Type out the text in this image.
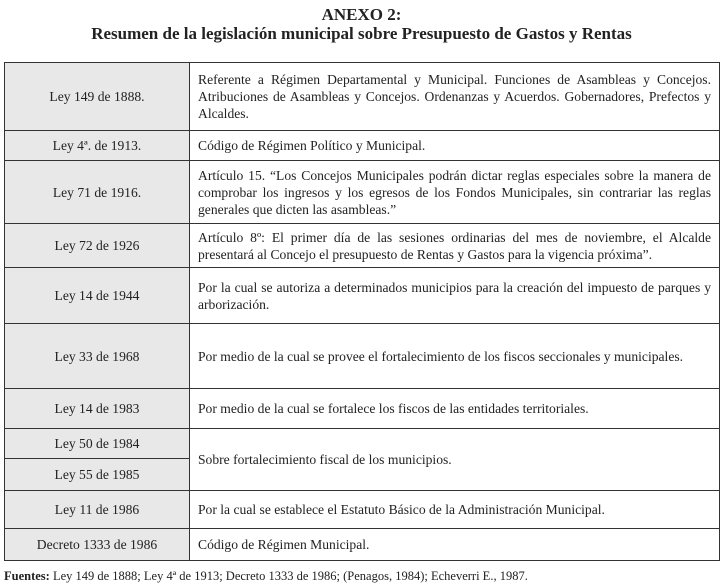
ANEXO 2:
Resumen de la legislación municipal sobre Presupuesto de Gastos y Rentas
Ley 149 de 1888.	Referente a Régimen Departamental y Municipal. Funciones de Asambleas y Concejos. Atribuciones de Asambleas y Concejos. Ordenanzas y Acuerdos. Gobernadores, Prefectos y Alcaldes.
Ley 4ª. de 1913.	Código de Régimen Político y Municipal.
Ley 71 de 1916.	Artículo 15. “Los Concejos Municipales podrán dictar reglas especiales sobre la manera de comprobar los ingresos y los egresos de los Fondos Municipales, sin contrariar las reglas generales que dicten las asambleas.”
Ley 72 de 1926	Artículo 8º: El primer día de las sesiones ordinarias del mes de noviembre, el Alcalde presentará al Concejo el presupuesto de Rentas y Gastos para la vigencia próxima”.
Ley 14 de 1944	Por la cual se autoriza a determinados municipios para la creación del impuesto de parques y arborización.
Ley 33 de 1968	Por medio de la cual se provee el fortalecimiento de los fiscos seccionales y municipales.
Ley 14 de 1983	Por medio de la cual se fortalece los fiscos de las entidades territoriales.
Ley 50 de 1984	Sobre fortalecimiento fiscal de los municipios.
Ley 55 de 1985	
Ley 11 de 1986	Por la cual se establece el Estatuto Básico de la Administración Municipal.
Decreto 1333 de 1986	Código de Régimen Municipal.
Fuentes: Ley 149 de 1888; Ley 4ª de 1913; Decreto 1333 de 1986; (Penagos, 1984); Echeverri E., 1987.
